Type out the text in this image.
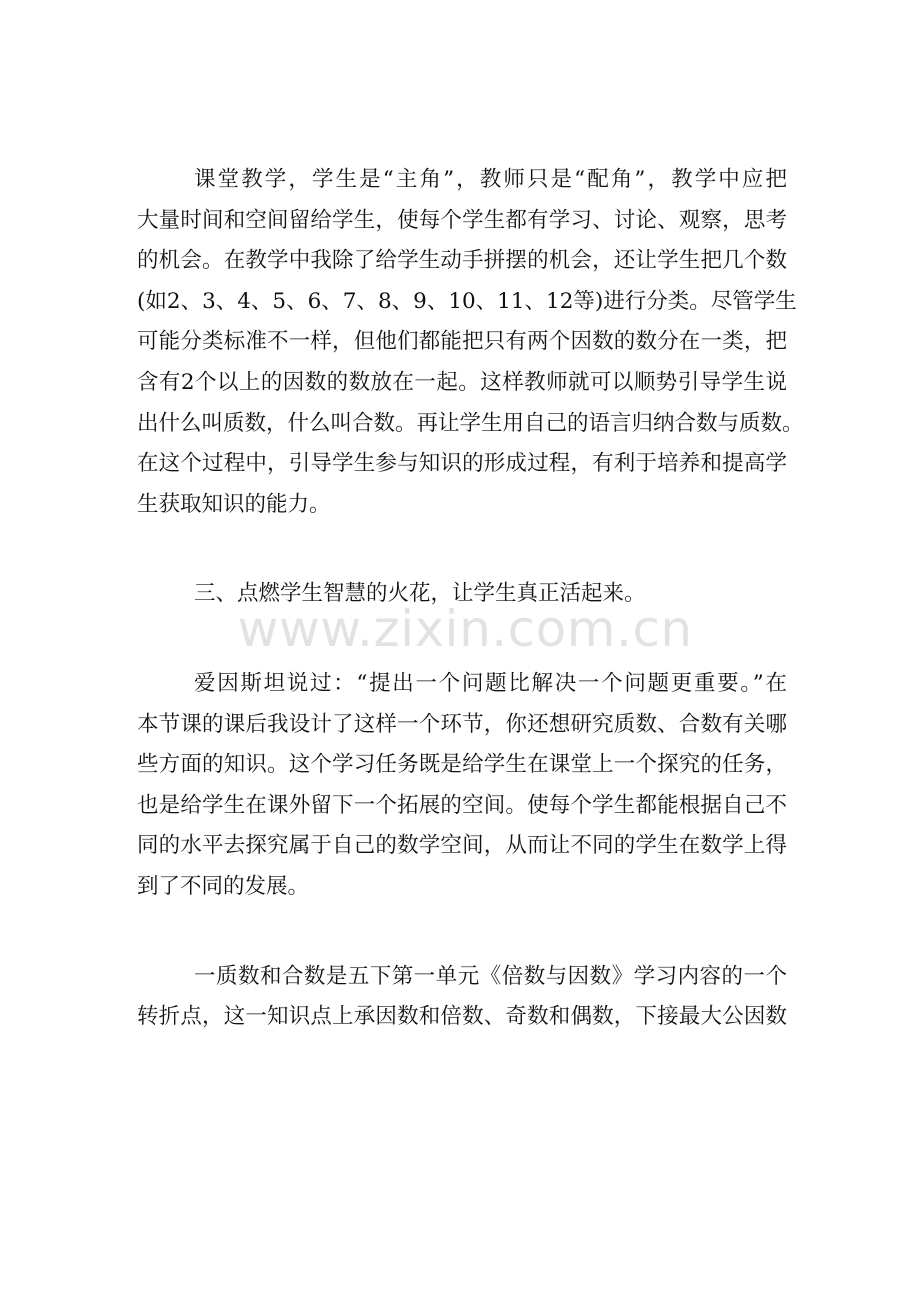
课堂教学，学生是“主角”，教师只是“配角”，教学中应把
大量时间和空间留给学生，使每个学生都有学习、讨论、观察，思考
的机会。在教学中我除了给学生动手拼摆的机会，还让学生把几个数
(如2、3、4、5、6、7、8、9、10、11、12等)进行分类。尽管学生
可能分类标准不一样，但他们都能把只有两个因数的数分在一类，把
含有2个以上的因数的数放在一起。这样教师就可以顺势引导学生说
出什么叫质数，什么叫合数。再让学生用自己的语言归纳合数与质数。
在这个过程中，引导学生参与知识的形成过程，有利于培养和提高学
生获取知识的能力。

三、点燃学生智慧的火花，让学生真正活起来。

爱因斯坦说过：“提出一个问题比解决一个问题更重要。”在
本节课的课后我设计了这样一个环节，你还想研究质数、合数有关哪
些方面的知识。这个学习任务既是给学生在课堂上一个探究的任务，
也是给学生在课外留下一个拓展的空间。使每个学生都能根据自己不
同的水平去探究属于自己的数学空间，从而让不同的学生在数学上得
到了不同的发展。

一质数和合数是五下第一单元《倍数与因数》学习内容的一个
转折点，这一知识点上承因数和倍数、奇数和偶数，下接最大公因数

www.zixin.com.cn
